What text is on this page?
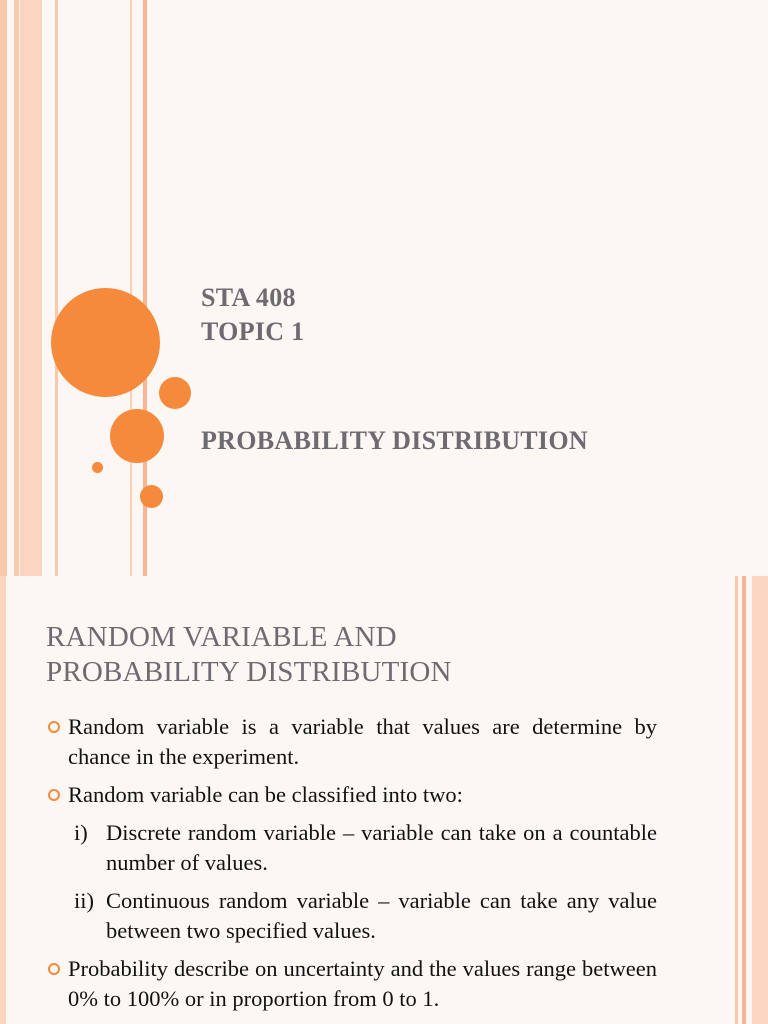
STA 408
TOPIC 1
PROBABILITY DISTRIBUTION
RANDOM VARIABLE AND
PROBABILITY DISTRIBUTION
Random variable is a variable that values are determine by chance in the experiment.
Random variable can be classified into two:
i) Discrete random variable – variable can take on a countable number of values.
ii) Continuous random variable – variable can take any value between two specified values.
Probability describe on uncertainty and the values range between 0% to 100% or in proportion from 0 to 1.
